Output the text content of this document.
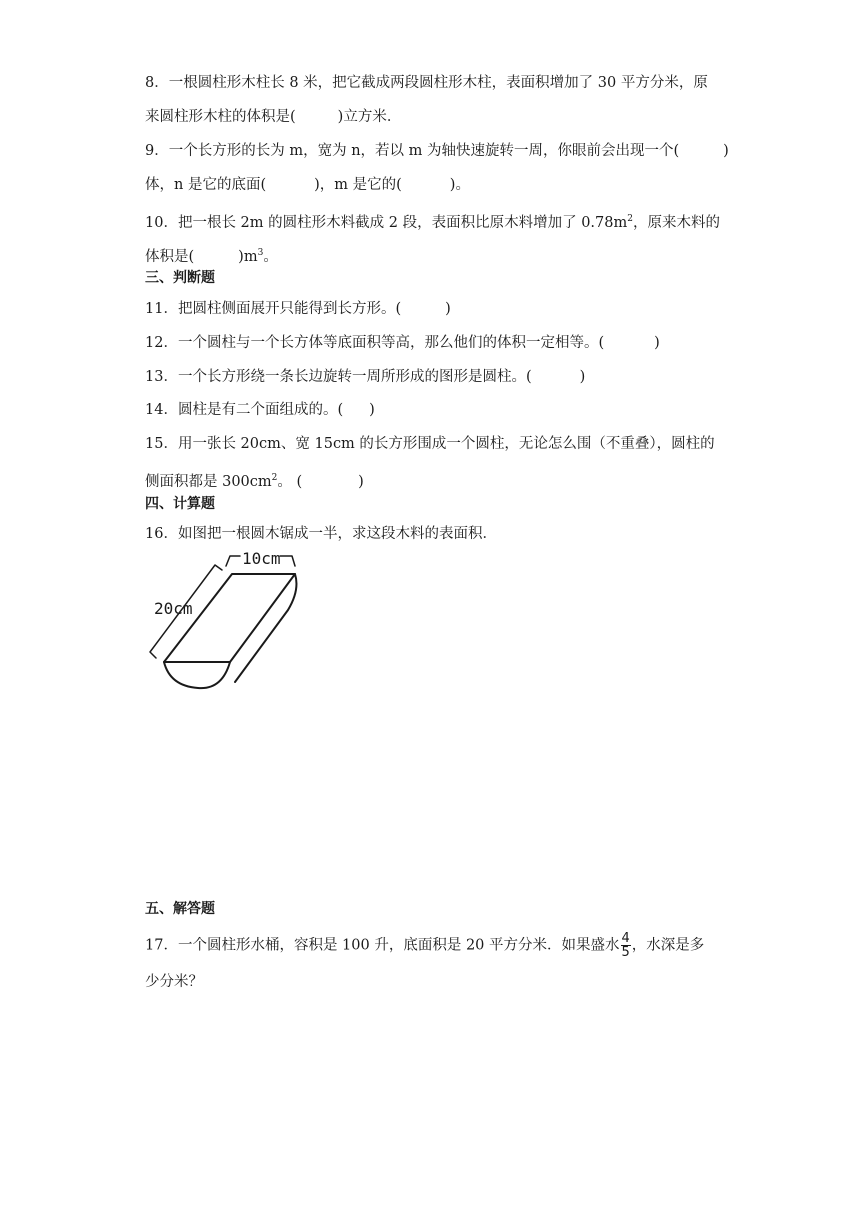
8．一根圆柱形木柱长 8 米，把它截成两段圆柱形木柱，表面积增加了 30 平方分米，原
来圆柱形木柱的体积是(	)立方米．
9．一个长方形的长为 m，宽为 n，若以 m 为轴快速旋转一周，你眼前会出现一个(	)
体，n 是它的底面(	)，m 是它的(	)。
10．把一根长 2m 的圆柱形木料截成 2 段，表面积比原木料增加了 $0.78m^2$，原来木料的
体积是(	)$m^3$。
三、判断题
11．把圆柱侧面展开只能得到长方形。(	)
12．一个圆柱与一个长方体等底面积等高，那么他们的体积一定相等。(	)
13．一个长方形绕一条长边旋转一周所形成的图形是圆柱。(	)
14．圆柱是有二个面组成的。( )
15．用一张长 20cm、宽 15cm 的长方形围成一个圆柱，无论怎么围（不重叠），圆柱的
侧面积都是 $300cm^2$。 (	)
四、计算题
16．如图把一根圆木锯成一半，求这段木料的表面积．
10cm
20cm
五、解答题
17．一个圆柱形水桶，容积是 100 升，底面积是 20 平方分米．如果盛水 $\frac{4}{5}$ ，水深是多
少分米？
